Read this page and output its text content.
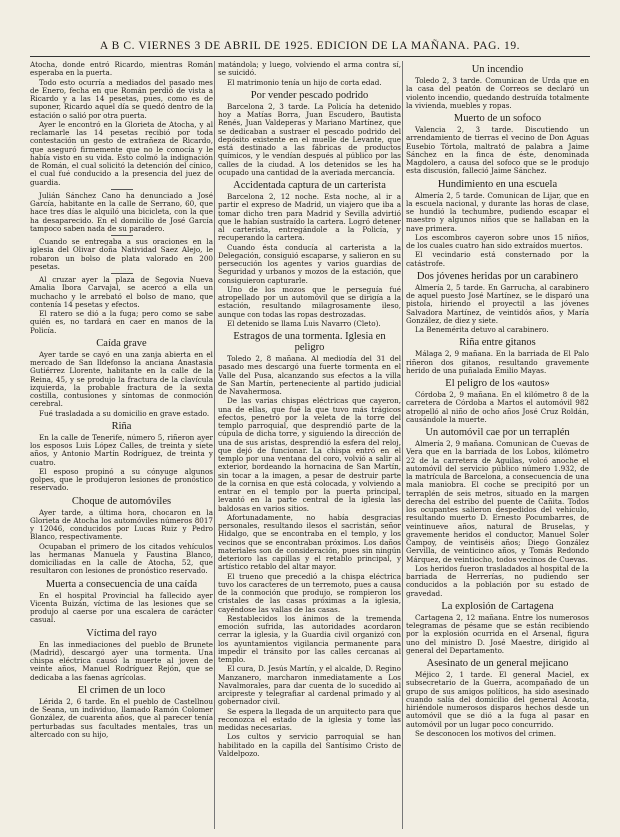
A B C. VIERNES 3 DE ABRIL DE 1925. EDICION DE LA MAÑANA. PAG. 19.

Atocha, donde entró Ricardo, mientras Román esperaba en la puerta.

Todo esto ocurría a mediados del pasado mes de Enero, fecha en que Román perdió de vista a Ricardo y a las 14 pesetas, pues, como es de suponer, Ricardo aquel día se quedó dentro de la estación o salió por otra puerta.

Ayer le encontró en la Glorieta de Atocha, y al reclamarle las 14 pesetas recibió por toda contestación un gesto de extrañeza de Ricardo, que aseguró firmemente que no le conocía y le había visto en su vida. Esto colmó la indignación de Román, el cual solicitó la detención del cínico, el cual fué conducido a la presencia del juez de guardia.

Julián Sánchez Cano ha denunciado a José García, habitante en la calle de Serrano, 60, que hace tres días le alquiló una bicicleta, con la que ha desaparecido. En el domicilio de José García tampoco saben nada de su paradero.

Cuando se entregaba a sus oraciones en la iglesia del Olivar doña Natividad Saez Alejo, le robaron un bolso de plata valorado en 200 pesetas.

Al cruzar ayer la plaza de Segovia Nueva Amalia Ibora Carvajal, se acercó a ella un muchacho y le arrebató el bolso de mano, que contenía 14 pesetas y efectos.

El ratero se dió a la fuga; pero como se sabe quién es, no tardará en caer en manos de la Policía.

Caída grave

Ayer tarde se cayó en una zanja abierta en el mercado de San Ildefonso la anciana Anastasia Gutiérrez Llorente, habitante en la calle de la Reina, 45, y se produjo la fractura de la clavícula izquierda, la probable fractura de la sexta costilla, contusiones y síntomas de conmoción cerebral.

Fué trasladada a su domicilio en grave estado.

Riña

En la calle de Tenerife, número 5, riñeron ayer los esposos Luis López Calles, de treinta y siete años, y Antonio Martín Rodríguez, de treinta y cuatro.

El esposo propinó a su cónyuge algunos golpes, que le produjeron lesiones de pronóstico reservado.

Choque de automóviles

Ayer tarde, a última hora, chocaron en la Glorieta de Atocha los automóviles números 8017 y 12046, conducidos por Lucas Ruiz y Pedro Blanco, respectivamente.

Ocupaban el primero de los citados vehículos las hermanas Manuela y Faustina Blanco, domiciliadas en la calle de Atocha, 52, que resultaron con lesiones de pronóstico reservado.

Muerta a consecuencia de una caída

En el hospital Provincial ha fallecido ayer Vicenta Buizán, víctima de las lesiones que se produjo al caerse por una escalera de carácter casual.

Víctima del rayo

En las inmediaciones del pueblo de Brunete (Madrid), descargó ayer una tormenta. Una chispa eléctrica causó la muerte al joven de veinte años, Manuel Rodríguez Rejón, que se dedicaba a las faenas agrícolas.

El crimen de un loco

Lérida 2, 6 tarde. En el pueblo de Castellnou de Seana, un individuo, llamado Ramón Colomer González, de cuarenta años, que al parecer tenía perturbadas sus facultades mentales, tras un altercado con su hijo,

matándola; y luego, volviendo el arma contra sí, se suicidó.

El matrimonio tenía un hijo de corta edad.

Por vender pescado podrido

Barcelona 2, 3 tarde. La Policía ha detenido hoy a Matías Borra, Juan Escudero, Bautista Renés, Juan Valdeperas y Mariano Martínez, que se dedicaban a sustraer el pescado podrido del depósito existente en el muelle de Levante, que está destinado a las fábricas de productos químicos, y le vendían después al público por las calles de la ciudad. A los detenidos se les ha ocupado una cantidad de la averiada mercancía.

Accidentada captura de un carterista

Barcelona 2, 12 noche. Esta noche, al ir a partir el expreso de Madrid, un viajero que iba a tomar dicho tren para Madrid y Sevilla advirtió que le habían sustraído la cartera. Logró detener al carterista, entregándole a la Policía, y recuperando la cartera.

Cuando ésta conducía al carterista a la Delegación, consiguió escaparse, y salieron en su persecución los agentes y varios guardias de Seguridad y urbanos y mozos de la estación, que consiguieron capturarle.

Uno de los mozos que le perseguía fué atropellado por un automóvil que se dirigía a la estación, resultando milagrosamente ileso, aunque con todas las ropas destrozadas.

El detenido se llama Luis Navarro (Cleto).

Estragos de una tormenta. Iglesia en peligro

Toledo 2, 8 mañana. Al mediodía del 31 del pasado mes descargó una fuerte tormenta en el Valle del Pusa, alcanzando sus efectos a la villa de San Martín, perteneciente al partido judicial de Navahermosa.

De las varias chispas eléctricas que cayeron, una de ellas, que fué la que tuvo más trágicos efectos, penetró por la veleta de la torre del templo parroquial, que desprendió parte de la cúpula de dicha torre, y siguiendo la dirección de una de sus aristas, desprendió la esfera del reloj, que dejó de funcionar. La chispa entró en el templo por una ventana del coro, volvió a salir al exterior, bordeando la hornacina de San Martín, sin tocar a la imagen, a pesar de destruir parte de la cornisa en que está colocada, y volviendo a entrar en el templo por la puerta principal, levantó en la parte central de la iglesia las baldosas en varios sitios.

Afortunadamente, no había desgracias personales, resultando ilesos el sacristán, señor Hidalgo, que se encontraba en el templo, y los vecinos que se encontraban próximos. Los daños materiales son de consideración, pues sin ningún deterioro las capillas y el retablo principal, y artístico retablo del altar mayor.

El trueno que precedió a la chispa eléctrica tuvo los caracteres de un terremoto, pues a causa de la conmoción que produjo, se rompieron los cristales de las casas próximas a la iglesia, cayéndose las vallas de las casas.

Restablecidos los ánimos de la tremenda emoción sufrida, las autoridades acordaron cerrar la iglesia, y la Guardia civil organizó con los ayuntamientos vigilancia permanente para impedir el tránsito por las calles cercanas al templo.

El cura, D. Jesús Martín, y el alcalde, D. Regino Manzanero, marcharon inmediatamente a Los Navalmorales, para dar cuenta de lo sucedido al arcipreste y telegrafiar al cardenal primado y al gobernador civil.

Se espera la llegada de un arquitecto para que reconozca el estado de la iglesia y tome las medidas necesarias.

Los cultos y servicio parroquial se han habilitado en la capilla del Santísimo Cristo de Valdelpozo.

Un incendio

Toledo 2, 3 tarde. Comunican de Urda que en la casa del peatón de Correos se declaró un violento incendio, quedando destruída totalmente la vivienda, muebles y ropas.

Muerto de un sofoco

Valencia 2, 3 tarde. Discutiendo un arrendamiento de tierras el vecino de Don Aguas Eusebio Tórtola, maltrató de palabra a Jaime Sánchez en la finca de éste, denominada Magdolero, a causa del sofoco que se le produjo esta discusión, falleció Jaime Sánchez.

Hundimiento en una escuela

Almería 2, 5 tarde. Comunican de Lijar, que en la escuela nacional, y durante las horas de clase, se hundió la techumbre, pudiendo escapar el maestro y algunos niños que se hallaban en la nave primera.

Los escombros cayeron sobre unos 15 niños, de los cuales cuatro han sido extraídos muertos.

El vecindario está consternado por la catástrofe.

Dos jóvenes heridas por un carabinero

Almería 2, 5 tarde. En Garrucha, al carabinero de aquel puesto José Martínez, se le disparó una pistola, hiriendo el proyectil a las jóvenes Salvadora Martínez, de veintidós años, y María González, de diez y siete.

La Benemérita detuvo al carabinero.

Riña entre gitanos

Málaga 2, 9 mañana. En la barriada de El Palo riñeron dos gitanos, resultando gravemente herido de una puñalada Emilio Mayas.

El peligro de los «autos»

Córdoba 2, 9 mañana. En el kilómetro 8 de la carretera de Córdoba a Martos el automóvil 982 atropelló al niño de ocho años José Cruz Roldán, causándole la muerte.

Un automóvil cae por un terraplén

Almería 2, 9 mañana. Comunican de Cuevas de Vera que en la barriada de los Lobos, kilómetro 22 de la carretera de Aguilas, volcó anoche el automóvil del servicio público número 1.932, de la matrícula de Barcelona, a consecuencia de una mala maniobra. El coche se precipitó por un terraplén de seis metros, situado en la margen derecha del estribo del puente de Cañita. Todos los ocupantes salieron despedidos del vehículo, resultando muerto D. Ernesto Pocumbarres, de veintinueve años, natural de Bruselas, y gravemente heridos el conductor, Manuel Soler Campoy, de veintiséis años; Diego González Gervilla, de veinticinco años, y Tomás Redondo Márquez, de veintiocho, todos vecinos de Cuevas.

Los heridos fueron trasladados al hospital de la barriada de Herrerías, no pudiendo ser conducidos a la población por su estado de gravedad.

La explosión de Cartagena

Cartagena 2, 12 mañana. Entre los numerosos telegramas de pésame que se están recibiendo por la explosión ocurrida en el Arsenal, figura uno del ministro D. José Maestre, dirigido al general del Departamento.

Asesinato de un general mejicano

Méjico 2, 1 tarde. El general Maciel, ex subsecretario de la Guerra, acompañado de un grupo de sus amigos políticos, ha sido asesinado cuando salía del domicilio del general Acosta, hiriéndole numerosos disparos hechos desde un automóvil que se dió a la fuga al pasar en automóvil por un lugar poco concurrido.

Se desconocen los motivos del crimen.
